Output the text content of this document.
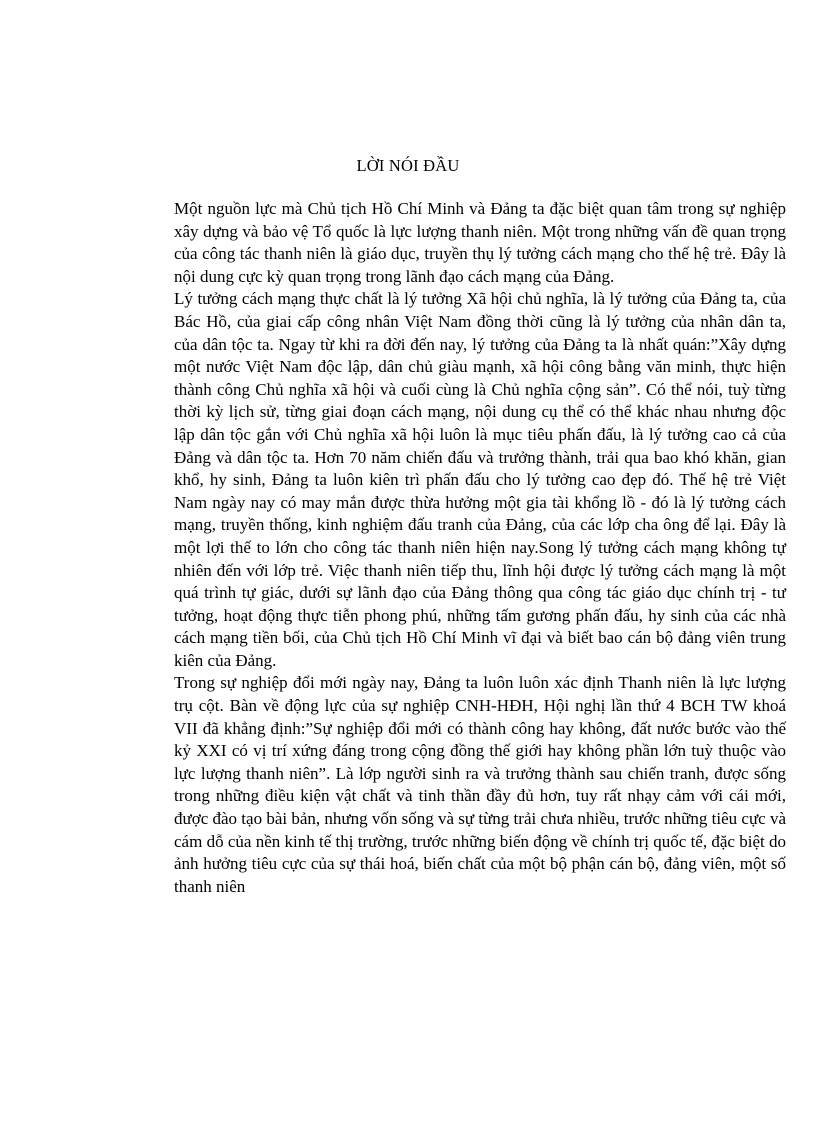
LỜI NÓI ĐẦU

Một nguồn lực mà Chủ tịch Hồ Chí Minh và Đảng ta đặc biệt quan tâm trong sự nghiệp xây dựng và bảo vệ Tổ quốc là lực lượng thanh niên. Một trong những vấn đề quan trọng của công tác thanh niên là giáo dục, truyền thụ lý tưởng cách mạng cho thế hệ trẻ. Đây là nội dung cực kỳ quan trọng trong lãnh đạo cách mạng của Đảng.

Lý tưởng cách mạng thực chất là lý tưởng Xã hội chủ nghĩa, là lý tưởng của Đảng ta, của Bác Hồ, của giai cấp công nhân Việt Nam đồng thời cũng là lý tưởng của nhân dân ta, của dân tộc ta. Ngay từ khi ra đời đến nay, lý tưởng của Đảng ta là nhất quán:”Xây dựng một nước Việt Nam độc lập, dân chủ giàu mạnh, xã hội công bằng văn minh, thực hiện thành công Chủ nghĩa xã hội và cuối cùng là Chủ nghĩa cộng sản”. Có thể nói, tuỳ từng thời kỳ lịch sử, từng giai đoạn cách mạng, nội dung cụ thể có thể khác nhau nhưng độc lập dân tộc gắn với Chủ nghĩa xã hội luôn là mục tiêu phấn đấu, là lý tưởng cao cả của Đảng và dân tộc ta. Hơn 70 năm chiến đấu và trưởng thành, trải qua bao khó khăn, gian khổ, hy sinh, Đảng ta luôn kiên trì phấn đấu cho lý tưởng cao đẹp đó. Thế hệ trẻ Việt Nam ngày nay có may mắn được thừa hưởng một gia tài khổng lồ - đó là lý tưởng cách mạng, truyền thống, kinh nghiệm đấu tranh của Đảng, của các lớp cha ông để lại. Đây là một lợi thế to lớn cho công tác thanh niên hiện nay.Song lý tưởng cách mạng không tự nhiên đến với lớp trẻ. Việc thanh niên tiếp thu, lĩnh hội được lý tưởng cách mạng là một quá trình tự giác, dưới sự lãnh đạo của Đảng thông qua công tác giáo dục chính trị - tư tưởng, hoạt động thực tiễn phong phú, những tấm gương phấn đấu, hy sinh của các nhà cách mạng tiền bối, của Chủ tịch Hồ Chí Minh vĩ đại và biết bao cán bộ đảng viên trung kiên của Đảng.

Trong sự nghiệp đổi mới ngày nay, Đảng ta luôn luôn xác định Thanh niên là lực lượng trụ cột. Bàn về động lực của sự nghiệp CNH-HĐH, Hội nghị lần thứ 4 BCH TW khoá VII đã khẳng định:”Sự nghiệp đổi mới có thành công hay không, đất nước bước vào thế kỷ XXI có vị trí xứng đáng trong cộng đồng thế giới hay không phần lớn tuỳ thuộc vào lực lượng thanh niên”. Là lớp người sinh ra và trưởng thành sau chiến tranh, được sống trong những điều kiện vật chất và tinh thần đầy đủ hơn, tuy rất nhạy cảm với cái mới, được đào tạo bài bản, nhưng vốn sống và sự từng trải chưa nhiều, trước những tiêu cực và cám dỗ của nền kinh tế thị trường, trước những biến động về chính trị quốc tế, đặc biệt do ảnh hưởng tiêu cực của sự thái hoá, biến chất của một bộ phận cán bộ, đảng viên, một số thanh niên
